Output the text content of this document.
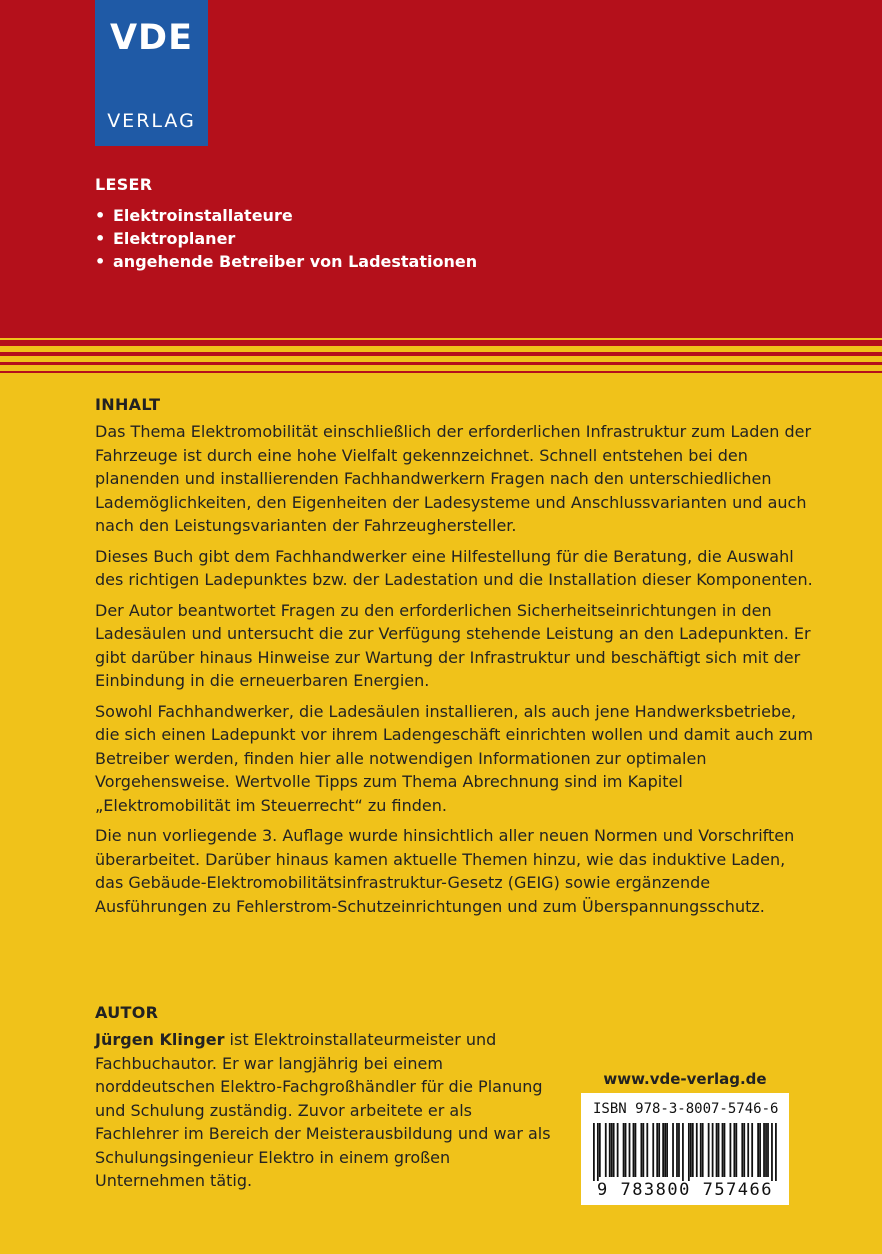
VDE
VERLAG
LESER
• Elektroinstallateure
• Elektroplaner
• angehende Betreiber von Ladestationen
INHALT

Das Thema Elektromobilität einschließlich der erforderlichen Infrastruktur zum Laden der Fahrzeuge ist durch eine hohe Vielfalt gekennzeichnet. Schnell entstehen bei den planenden und installierenden Fachhandwerkern Fragen nach den unterschiedlichen Lademöglichkeiten, den Eigenheiten der Ladesysteme und Anschlussvarianten und auch nach den Leistungsvarianten der Fahrzeughersteller.

Dieses Buch gibt dem Fachhandwerker eine Hilfestellung für die Beratung, die Auswahl des richtigen Ladepunktes bzw. der Ladestation und die Installation dieser Komponenten.

Der Autor beantwortet Fragen zu den erforderlichen Sicherheitseinrichtungen in den Ladesäulen und untersucht die zur Verfügung stehende Leistung an den Ladepunkten. Er gibt darüber hinaus Hinweise zur Wartung der Infrastruktur und beschäftigt sich mit der Einbindung in die erneuerbaren Energien.

Sowohl Fachhandwerker, die Ladesäulen installieren, als auch jene Handwerksbetriebe, die sich einen Ladepunkt vor ihrem Ladengeschäft einrichten wollen und damit auch zum Betreiber werden, finden hier alle notwendigen Informationen zur optimalen Vorgehensweise. Wertvolle Tipps zum Thema Abrechnung sind im Kapitel „Elektromobilität im Steuerrecht“ zu finden.

Die nun vorliegende 3. Auflage wurde hinsichtlich aller neuen Normen und Vorschriften überarbeitet. Darüber hinaus kamen aktuelle Themen hinzu, wie das induktive Laden, das Gebäude-Elektromobilitätsinfrastruktur-Gesetz (GEIG) sowie ergänzende Ausführungen zu Fehlerstrom-Schutzeinrichtungen und zum Überspannungsschutz.

AUTOR

Jürgen Klinger ist Elektroinstallateurmeister und Fachbuchautor. Er war langjährig bei einem norddeutschen Elektro-Fachgroßhändler für die Planung und Schulung zuständig. Zuvor arbeitete er als Fachlehrer im Bereich der Meisterausbildung und war als Schulungsingenieur Elektro in einem großen Unternehmen tätig.

www.vde-verlag.de
ISBN 978-3-8007-5746-6
9 783800 757466
